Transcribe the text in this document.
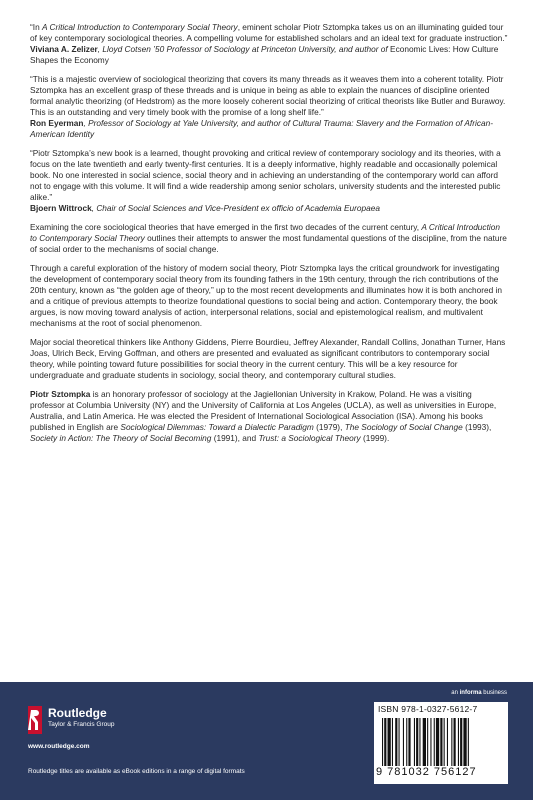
“In A Critical Introduction to Contemporary Social Theory, eminent scholar Piotr Sztompka takes us on an illuminating guided tour of key contemporary sociological theories. A compelling volume for established scholars and an ideal text for graduate instruction.”

Viviana A. Zelizer, Lloyd Cotsen ’50 Professor of Sociology at Princeton University, and author of Economic Lives: How Culture Shapes the Economy

“This is a majestic overview of sociological theorizing that covers its many threads as it weaves them into a coherent totality. Piotr Sztompka has an excellent grasp of these threads and is unique in being as able to explain the nuances of discipline oriented formal analytic theorizing (of Hedstrom) as the more loosely coherent social theorizing of critical theorists like Butler and Burawoy. This is an outstanding and very timely book with the promise of a long shelf life.”

Ron Eyerman, Professor of Sociology at Yale University, and author of Cultural Trauma: Slavery and the Formation of African-American Identity

“Piotr Sztompka’s new book is a learned, thought provoking and critical review of contemporary sociology and its theories, with a focus on the late twentieth and early twenty-first centuries. It is a deeply informative, highly readable and occasionally polemical book. No one interested in social science, social theory and in achieving an understanding of the contemporary world can afford not to engage with this volume. It will find a wide readership among senior scholars, university students and the interested public alike.”

Bjoern Wittrock, Chair of Social Sciences and Vice-President ex officio of Academia Europaea

Examining the core sociological theories that have emerged in the first two decades of the current century, A Critical Introduction to Contemporary Social Theory outlines their attempts to answer the most fundamental questions of the discipline, from the nature of social order to the mechanisms of social change.

Through a careful exploration of the history of modern social theory, Piotr Sztompka lays the critical groundwork for investigating the development of contemporary social theory from its founding fathers in the 19th century, through the rich contributions of the 20th century, known as “the golden age of theory,” up to the most recent developments and illuminates how it is both anchored in and a critique of previous attempts to theorize foundational questions to social being and action. Contemporary theory, the book argues, is now moving toward analysis of action, interpersonal relations, social and epistemological realism, and multivalent mechanisms at the root of social phenomenon.

Major social theoretical thinkers like Anthony Giddens, Pierre Bourdieu, Jeffrey Alexander, Randall Collins, Jonathan Turner, Hans Joas, Ulrich Beck, Erving Goffman, and others are presented and evaluated as significant contributors to contemporary social theory, while pointing toward future possibilities for social theory in the current century. This will be a key resource for undergraduate and graduate students in sociology, social theory, and contemporary cultural studies.

Piotr Sztompka is an honorary professor of sociology at the Jagiellonian University in Krakow, Poland. He was a visiting professor at Columbia University (NY) and the University of California at Los Angeles (UCLA), as well as universities in Europe, Australia, and Latin America. He was elected the President of International Sociological Association (ISA). Among his books published in English are Sociological Dilemmas: Toward a Dialectic Paradigm (1979), The Sociology of Social Change (1993), Society in Action: The Theory of Social Becoming (1991), and Trust: a Sociological Theory (1999).

an informa business
Routledge
Taylor & Francis Group
www.routledge.com
Routledge titles are available as eBook editions in a range of digital formats
ISBN 978-1-0327-5612-7
9 781032 756127
